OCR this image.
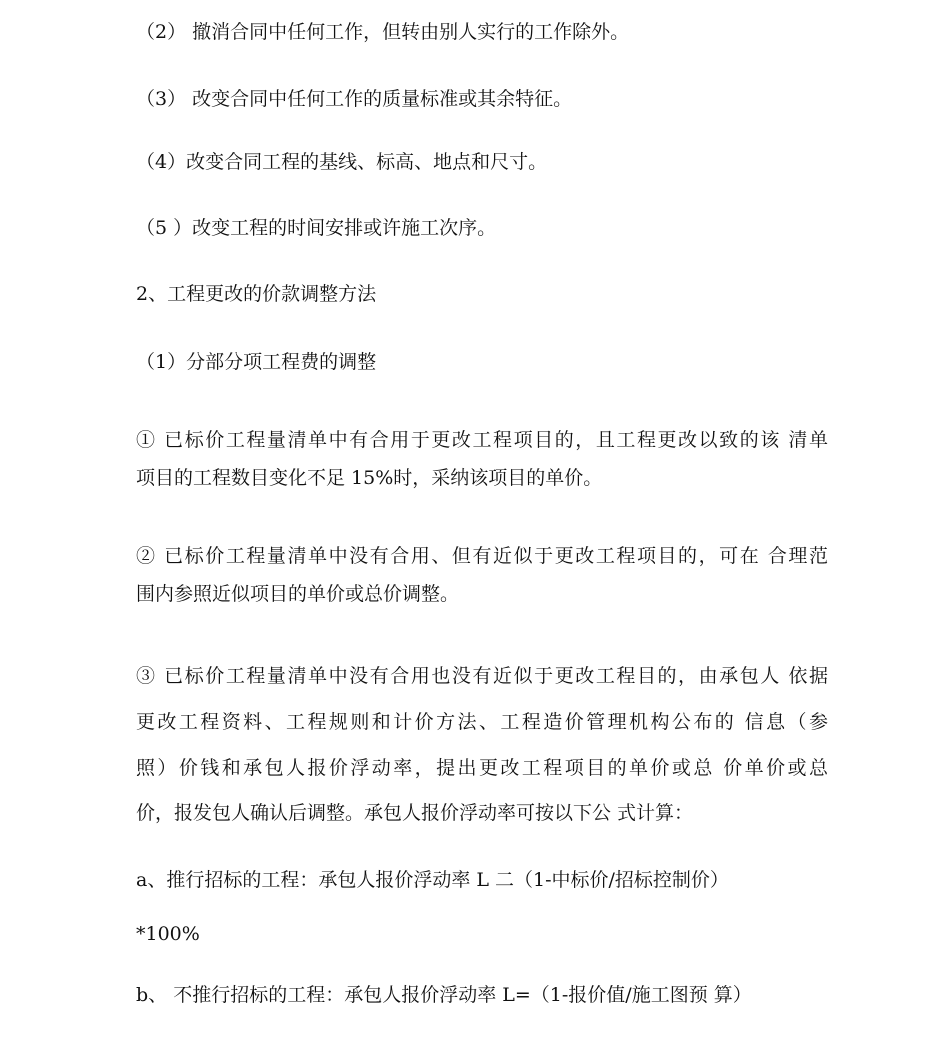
（2） 撤消合同中任何工作，但转由别人实行的工作除外。
（3） 改变合同中任何工作的质量标准或其余特征。
（4）改变合同工程的基线、标高、地点和尺寸。
（5 ）改变工程的时间安排或许施工次序。
2、工程更改的价款调整方法
（1）分部分项工程费的调整
① 已标价工程量清单中有合用于更改工程项目的，且工程更改以致的该 清单
项目的工程数目变化不足 15%时，采纳该项目的单价。
② 已标价工程量清单中没有合用、但有近似于更改工程项目的，可在 合理范
围内参照近似项目的单价或总价调整。
③ 已标价工程量清单中没有合用也没有近似于更改工程目的，由承包人 依据
更改工程资料、工程规则和计价方法、工程造价管理机构公布的 信息（参
照）价钱和承包人报价浮动率，提出更改工程项目的单价或总 价单价或总
价，报发包人确认后调整。承包人报价浮动率可按以下公 式计算：
a、推行招标的工程：承包人报价浮动率 L 二（1-中标价/招标控制价）
*100%
b、 不推行招标的工程：承包人报价浮动率 L=（1-报价值/施工图预 算）
